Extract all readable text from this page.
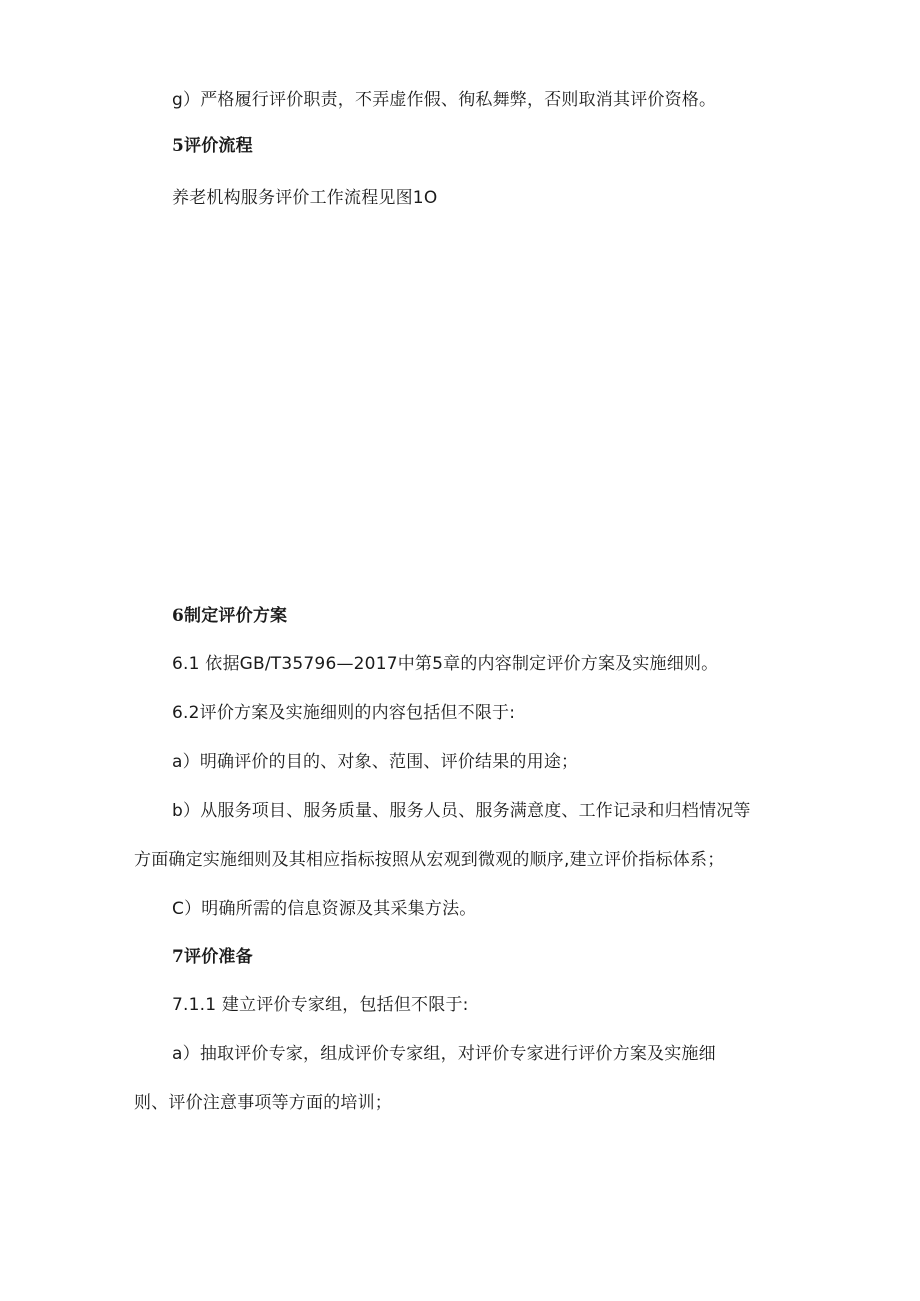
g）严格履行评价职责，不弄虚作假、徇私舞弊，否则取消其评价资格。
5评价流程
养老机构服务评价工作流程见图1O
6制定评价方案
6.1 依据GB/T35796—2017中第5章的内容制定评价方案及实施细则。
6.2评价方案及实施细则的内容包括但不限于:
a）明确评价的目的、对象、范围、评价结果的用途；
b）从服务项目、服务质量、服务人员、服务满意度、工作记录和归档情况等
方面确定实施细则及其相应指标按照从宏观到微观的顺序,建立评价指标体系；
C）明确所需的信息资源及其采集方法。
7评价准备
7.1.1 建立评价专家组，包括但不限于:
a）抽取评价专家，组成评价专家组，对评价专家进行评价方案及实施细
则、评价注意事项等方面的培训；
